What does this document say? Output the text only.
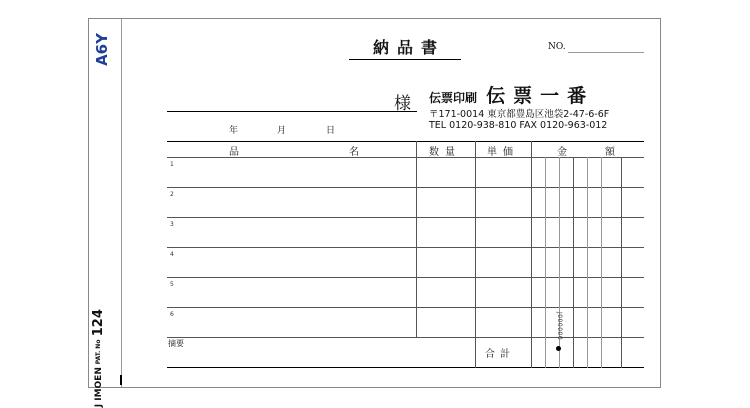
A6Y
J IMOEN PAT. No 124
納品書	NO.
様
年	月	日
伝票印刷 伝票一番
〒171-0014 東京都豊島区池袋2-47-6-6F
TEL 0120-938-810 FAX 0120-963-012
品	名	数量	単価	金	額
1
2
3
4
5
6
摘要
合計
J000000
